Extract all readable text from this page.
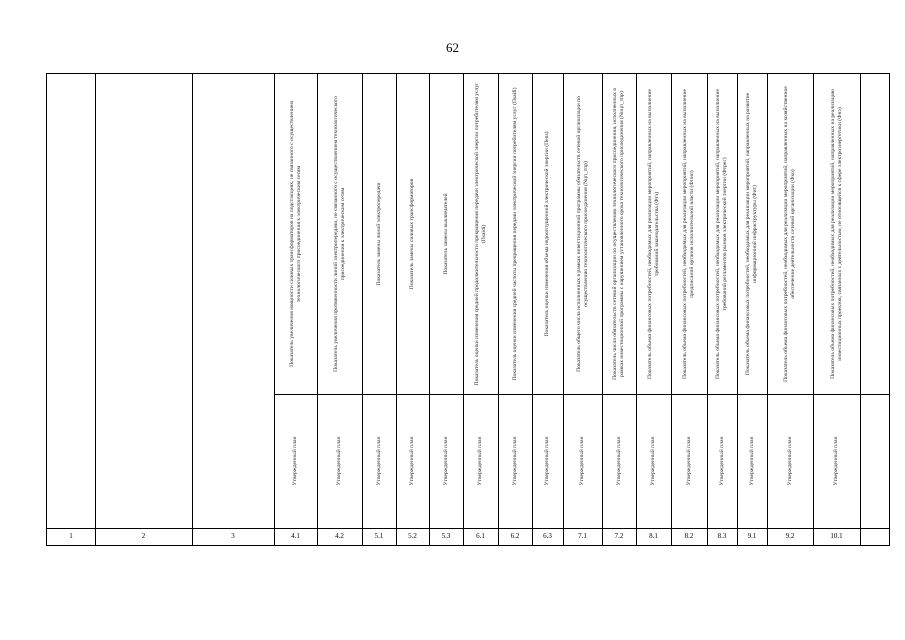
62
Показатель увеличения мощности силовых трансформаторов на подстанциях, не связанного с осуществлением технологического присоединения к электрическим сетям
Утвержденный план
4.1
Показатель увеличения протяженности линий электропередачи, не связанного с осуществлением технологического присоединения к электрическим сетям
Утвержденный план
4.2
Показатель замены линий электропередачи
Утвержденный план
5.1
Показатель замены силовых трансформаторов
Утвержденный план
5.2
Показатель замены выключателей
Утвержденный план
5.3
Показатель оценки изменения средней продолжительности прекращения передачи электрической энергии потребителям услуг (Пsaidi)
Утвержденный план
6.1
Показатель оценки изменения средней частоты прекращения передачи электрической энергии потребителям услуг (Пsaifi)
Утвержденный план
6.2
Показатель оценки изменения объема недоотпущенной электрической энергии (Пens)
Утвержденный план
6.3
Показатель общего числа исполненных в рамках инвестиционной программы обязательств сетевой организации по осуществлению технологического присоединения (Nцп_тпр)
Утвержденный план
7.1
Показатель числа обязательств сетевой организации по осуществлению технологического присоединения, исполненных в рамках инвестиционной программы с нарушением установленного срока технологического присоединения (Nнцп_тпр)
Утвержденный план
7.2
Показатель объема финансовых потребностей, необходимых для реализации мероприятий, направленных на выполнение требований законодательства (Фтз)
Утвержденный план
8.1
Показатель объема финансовых потребностей, необходимых для реализации мероприятий, направленных на выполнение предписаний органов исполнительной власти (Фпип)
Утвержденный план
8.2
Показатель объема финансовых потребностей, необходимых для реализации мероприятий, направленных на выполнение требований регламентов рынков электрической энергии (Фтрег)
Утвержденный план
8.3
Показатель объема финансовых потребностей, необходимых для реализации мероприятий, направленных на развитие информационной инфраструктуры (Фит)
Утвержденный план
9.1
Показатель объема финансовых потребностей, необходимых для реализации мероприятий, направленных на хозяйственное обеспечение деятельности сетевой организации (Фхо)
Утвержденный план
9.2
Показатель объема финансовых потребностей, необходимых для реализации мероприятий, направленных на реализацию инвестиционных проектов, связанных с деятельностью, не относящейся к сфере электроэнергетики (Фнэ)
Утвержденный план
10.1
1	2	3
